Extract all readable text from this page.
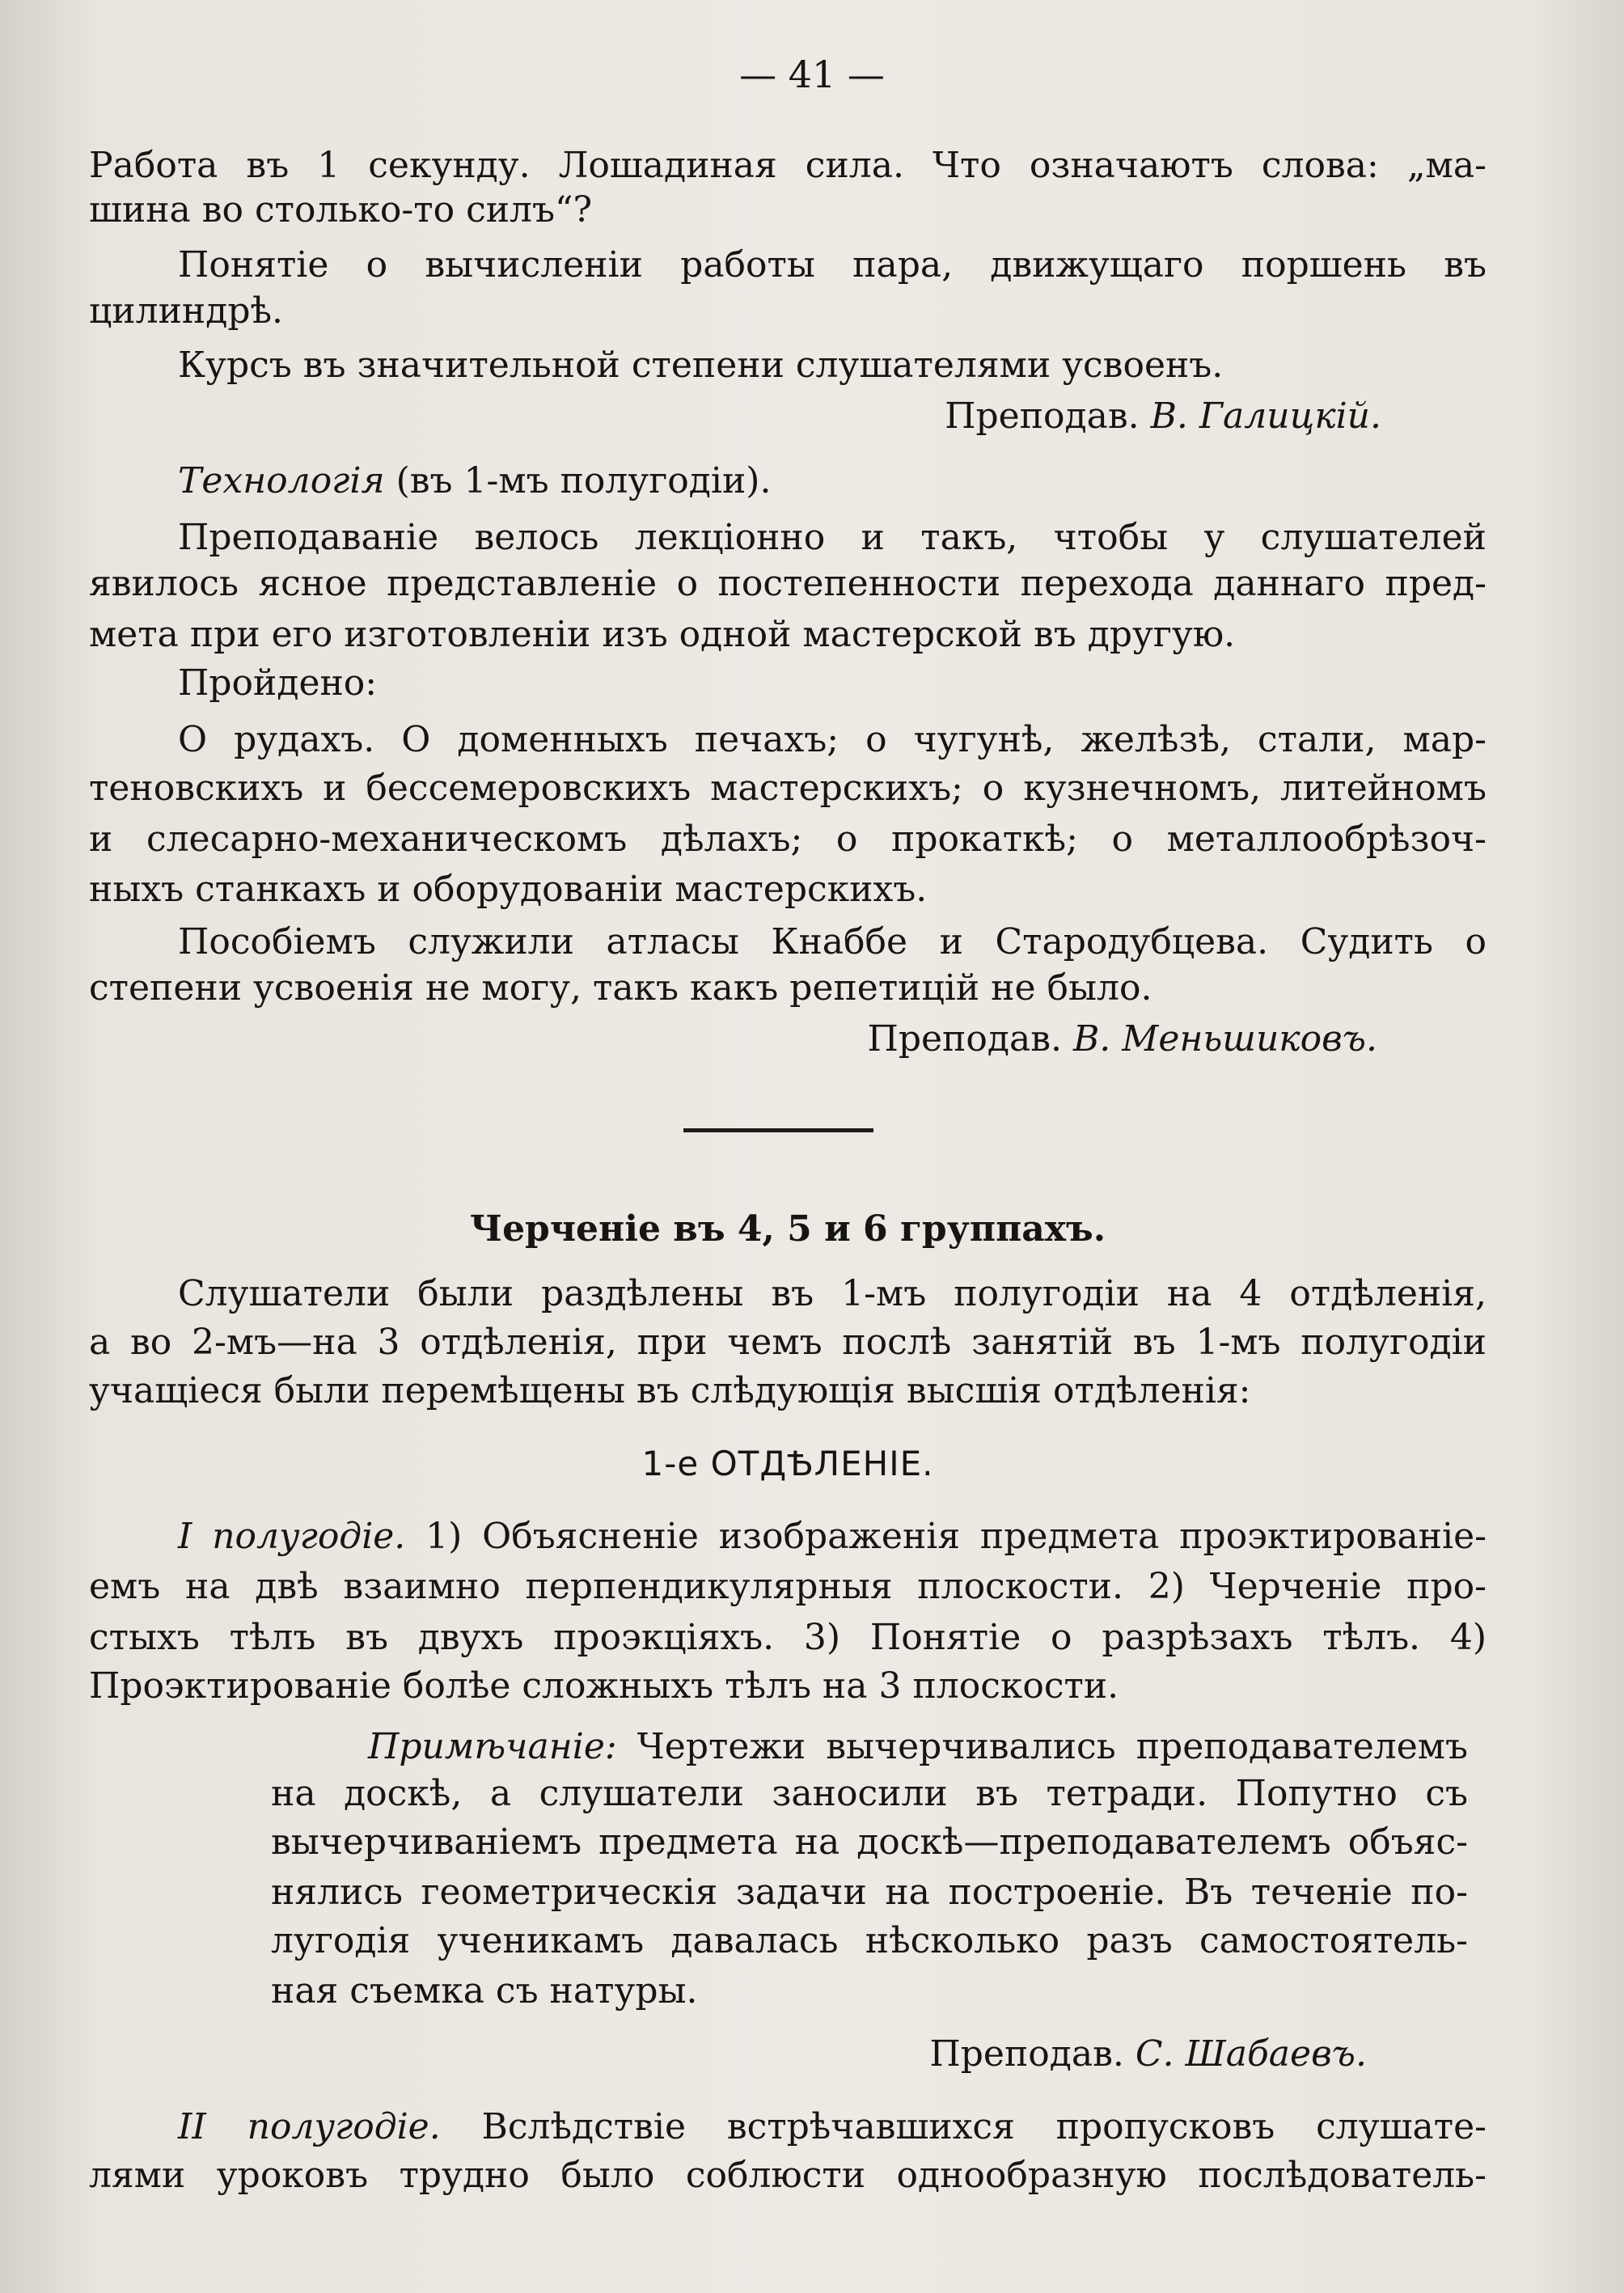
— 41 —
Работа въ 1 секунду. Лошадиная сила. Что означаютъ слова: „ма-
шина во столько-то силъ“?
Понятіе о вычисленіи работы пара, движущаго поршень въ
цилиндрѣ.
Курсъ въ значительной степени слушателями усвоенъ.
Преподав. В. Галицкій.
Технологія (въ 1-мъ полугодіи).
Преподаваніе велось лекціонно и такъ, чтобы у слушателей
явилось ясное представленіе о постепенности перехода даннаго пред-
мета при его изготовленіи изъ одной мастерской въ другую.
Пройдено:
О рудахъ. О доменныхъ печахъ; о чугунѣ, желѣзѣ, стали, мар-
теновскихъ и бессемеровскихъ мастерскихъ; о кузнечномъ, литейномъ
и слесарно-механическомъ дѣлахъ; о прокаткѣ; о металлообрѣзоч-
ныхъ станкахъ и оборудованіи мастерскихъ.
Пособіемъ служили атласы Кнаббе и Стародубцева. Судить о
степени усвоенія не могу, такъ какъ репетицій не было.
Преподав. В. Меньшиковъ.
Черченіе въ 4, 5 и 6 группахъ.
Слушатели были раздѣлены въ 1-мъ полугодіи на 4 отдѣленія,
а во 2-мъ—на 3 отдѣленія, при чемъ послѣ занятій въ 1-мъ полугодіи
учащіеся были перемѣщены въ слѣдующія высшія отдѣленія:
1-е ОТДѢЛЕНІЕ.
I полугодіе. 1) Объясненіе изображенія предмета проэктированіе-
емъ на двѣ взаимно перпендикулярныя плоскости. 2) Черченіе про-
стыхъ тѣлъ въ двухъ проэкціяхъ. 3) Понятіе о разрѣзахъ тѣлъ. 4)
Проэктированіе болѣе сложныхъ тѣлъ на 3 плоскости.
Примѣчаніе: Чертежи вычерчивались преподавателемъ
на доскѣ, а слушатели заносили въ тетради. Попутно съ
вычерчиваніемъ предмета на доскѣ—преподавателемъ объяс-
нялись геометрическія задачи на построеніе. Въ теченіе по-
лугодія ученикамъ давалась нѣсколько разъ самостоятель-
ная съемка съ натуры.
Преподав. С. Шабаевъ.
II полугодіе. Вслѣдствіе встрѣчавшихся пропусковъ слушате-
лями уроковъ трудно было соблюсти однообразную послѣдователь-
